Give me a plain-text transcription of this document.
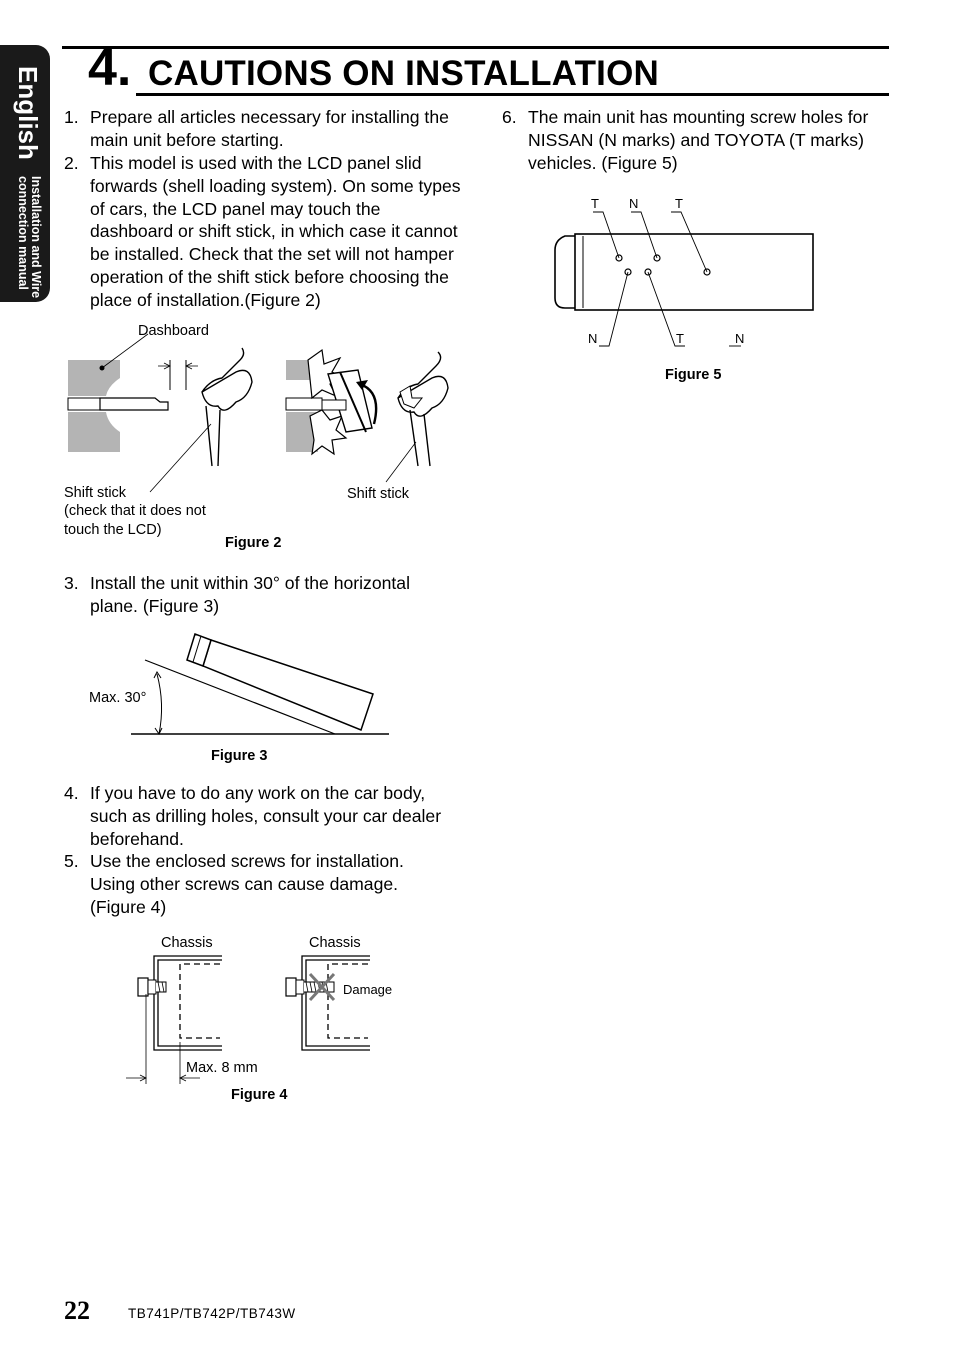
English
Installation and Wire connection manual
4. CAUTIONS ON INSTALLATION
1. Prepare all articles necessary for installing the main unit before starting.
2. This model is used with the LCD panel slid forwards (shell loading system). On some types of cars, the LCD panel may touch the dashboard or shift stick, in which case it cannot be installed. Check that the set will not hamper operation of the shift stick before choosing the place of installation.(Figure 2)
Dashboard
Shift stick
(check that it does not
touch the LCD)
Shift stick
Figure 2
3. Install the unit within 30° of the horizontal plane. (Figure 3)
Max. 30°
Figure 3
4. If you have to do any work on the car body, such as drilling holes, consult your car dealer beforehand.
5. Use the enclosed screws for installation. Using other screws can cause damage. (Figure 4)
Chassis	Chassis
Damage
Max. 8 mm
Figure 4
6. The main unit has mounting screw holes for NISSAN (N marks) and TOYOTA (T marks) vehicles. (Figure 5)
T N	T
N	T	N
Figure 5
22	TB741P/TB742P/TB743W
